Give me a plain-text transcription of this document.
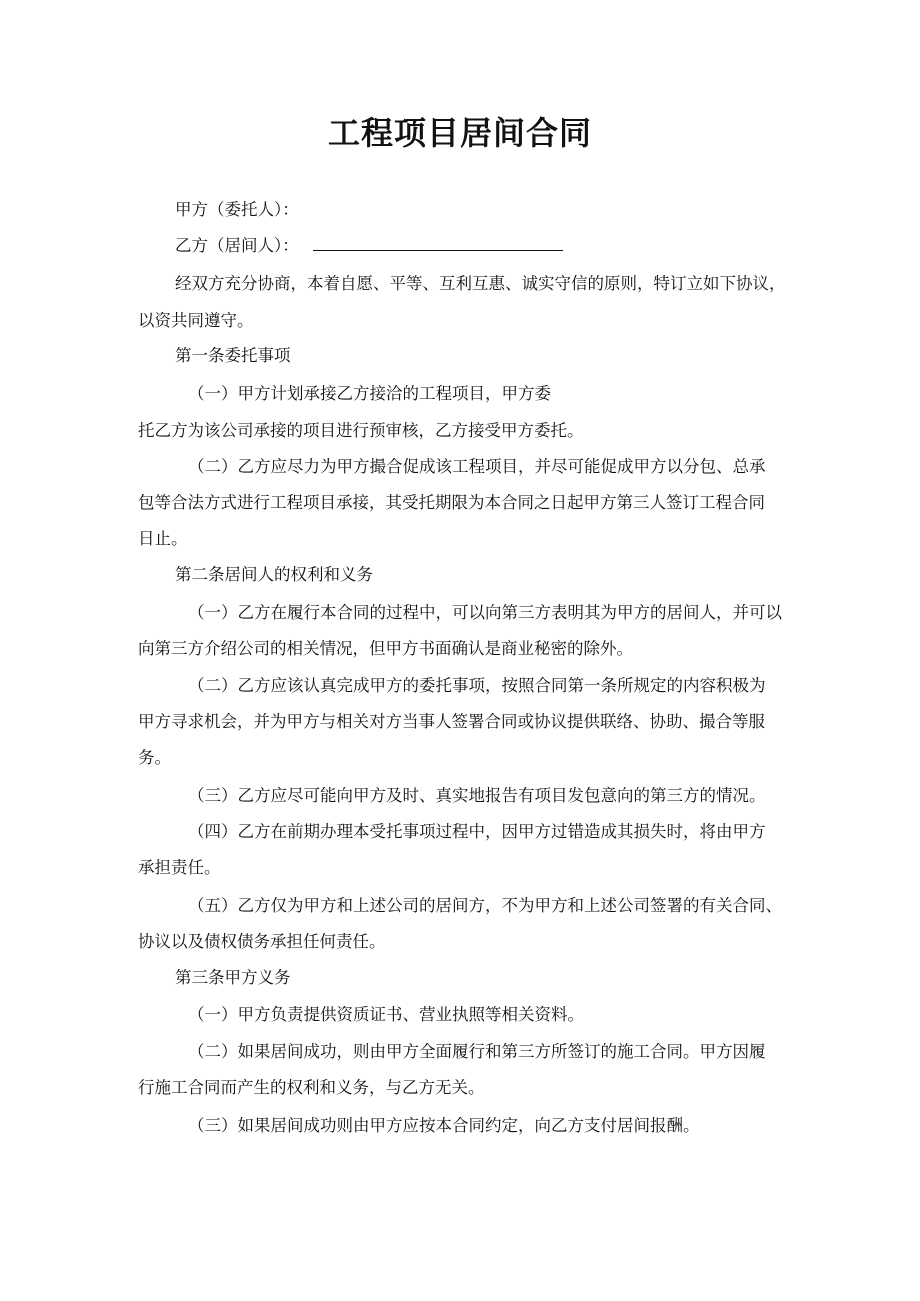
工程项目居间合同

甲方（委托人）：

乙方（居间人）：

经双方充分协商，本着自愿、平等、互利互惠、诚实守信的原则，特订立如下协议，

以资共同遵守。

第一条委托事项

（一）甲方计划承接乙方接洽的工程项目，甲方委

托乙方为该公司承接的项目进行预审核，乙方接受甲方委托。

（二）乙方应尽力为甲方撮合促成该工程项目，并尽可能促成甲方以分包、总承

包等合法方式进行工程项目承接，其受托期限为本合同之日起甲方第三人签订工程合同

日止。

第二条居间人的权利和义务

（一）乙方在履行本合同的过程中，可以向第三方表明其为甲方的居间人，并可以

向第三方介绍公司的相关情况，但甲方书面确认是商业秘密的除外。

（二）乙方应该认真完成甲方的委托事项，按照合同第一条所规定的内容积极为

甲方寻求机会，并为甲方与相关对方当事人签署合同或协议提供联络、协助、撮合等服

务。

（三）乙方应尽可能向甲方及时、真实地报告有项目发包意向的第三方的情况。

（四）乙方在前期办理本受托事项过程中，因甲方过错造成其损失时，将由甲方

承担责任。

（五）乙方仅为甲方和上述公司的居间方，不为甲方和上述公司签署的有关合同、

协议以及债权债务承担任何责任。

第三条甲方义务

（一）甲方负责提供资质证书、营业执照等相关资料。

（二）如果居间成功，则由甲方全面履行和第三方所签订的施工合同。甲方因履

行施工合同而产生的权利和义务，与乙方无关。

（三）如果居间成功则由甲方应按本合同约定，向乙方支付居间报酬。
